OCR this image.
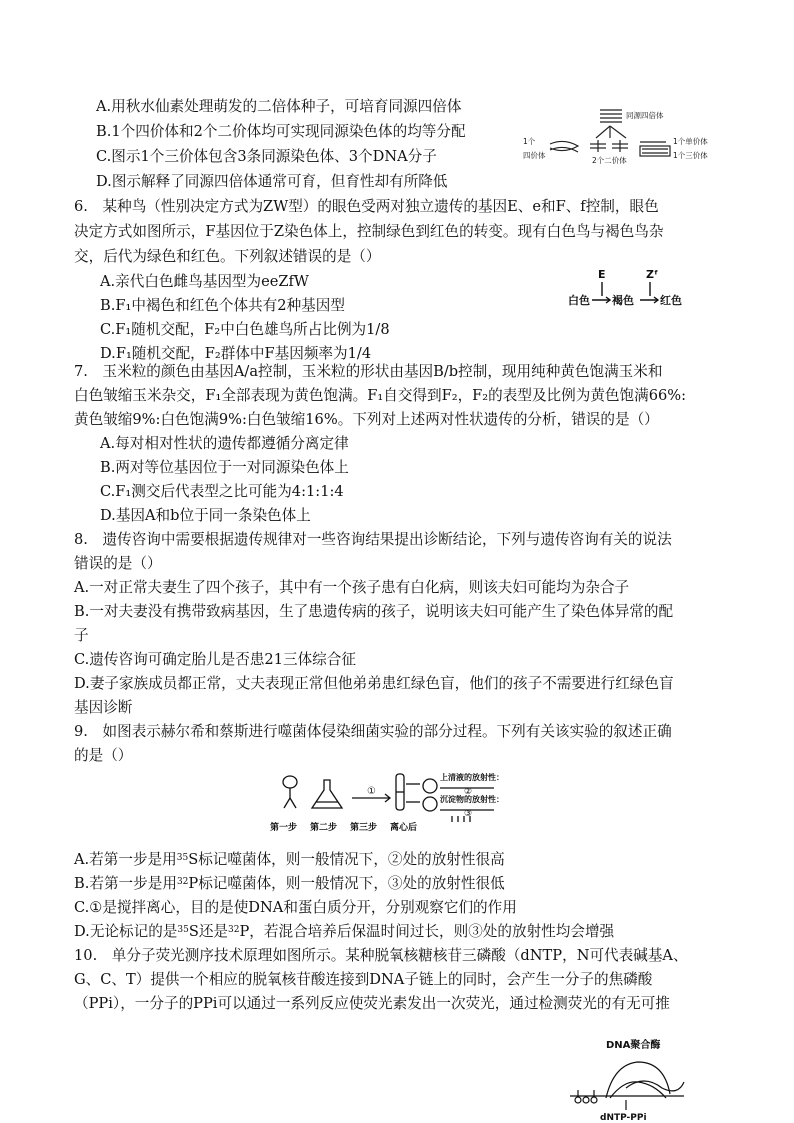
A.用秋水仙素处理萌发的二倍体种子，可培育同源四倍体
B.1个四价体和2个二价体均可实现同源染色体的均等分配
C.图示1个三价体包含3条同源染色体、3个DNA分子
D.图示解释了同源四倍体通常可育，但育性却有所降低
同源四倍体
1个
四价体
2个二价体
1个单价体
1个三价体
6.　某种鸟（性别决定方式为ZW型）的眼色受两对独立遗传的基因E、e和F、f控制，眼色
决定方式如图所示，F基因位于Z染色体上，控制绿色到红色的转变。现有白色鸟与褐色鸟杂
交，后代为绿色和红色。下列叙述错误的是（）
A.亲代白色雌鸟基因型为eeZfW
B.F₁中褐色和红色个体共有2种基因型
C.F₁随机交配，F₂中白色雄鸟所占比例为1/8
D.F₁随机交配，F₂群体中F基因频率为1/4
E	Zᶠ
白色 褐色 红色
7.　玉米粒的颜色由基因A/a控制，玉米粒的形状由基因B/b控制，现用纯种黄色饱满玉米和
白色皱缩玉米杂交，F₁全部表现为黄色饱满。F₁自交得到F₂，F₂的表型及比例为黄色饱满66%:
黄色皱缩9%:白色饱满9%:白色皱缩16%。下列对上述两对性状遗传的分析，错误的是（）
A.每对相对性状的遗传都遵循分离定律
B.两对等位基因位于一对同源染色体上
C.F₁测交后代表型之比可能为4:1:1:4
D.基因A和b位于同一条染色体上
8.　遗传咨询中需要根据遗传规律对一些咨询结果提出诊断结论，下列与遗传咨询有关的说法
错误的是（）
A.一对正常夫妻生了四个孩子，其中有一个孩子患有白化病，则该夫妇可能均为杂合子
B.一对夫妻没有携带致病基因，生了患遗传病的孩子，说明该夫妇可能产生了染色体异常的配
子
C.遗传咨询可确定胎儿是否患21三体综合征
D.妻子家族成员都正常，丈夫表现正常但他弟弟患红绿色盲，他们的孩子不需要进行红绿色盲
基因诊断
9.　如图表示赫尔希和蔡斯进行噬菌体侵染细菌实验的部分过程。下列有关该实验的叙述正确
的是（）
①
上清液的放射性：
②
沉淀物的放射性：
③
第一步 第二步 第三步 离心后
A.若第一步是用$^{35}$S标记噬菌体，则一般情况下，②处的放射性很高
B.若第一步是用$^{32}$P标记噬菌体，则一般情况下，③处的放射性很低
C.①是搅拌离心，目的是使DNA和蛋白质分开，分别观察它们的作用
D.无论标记的是$^{35}$S还是$^{32}$P，若混合培养后保温时间过长，则③处的放射性均会增强
10.　单分子荧光测序技术原理如图所示。某种脱氧核糖核苷三磷酸（dNTP，N可代表碱基A、
G、C、T）提供一个相应的脱氧核苷酸连接到DNA子链上的同时，会产生一分子的焦磷酸
（PPi），一分子的PPi可以通过一系列反应使荧光素发出一次荧光，通过检测荧光的有无可推
DNA聚合酶
dNTP-PPi
